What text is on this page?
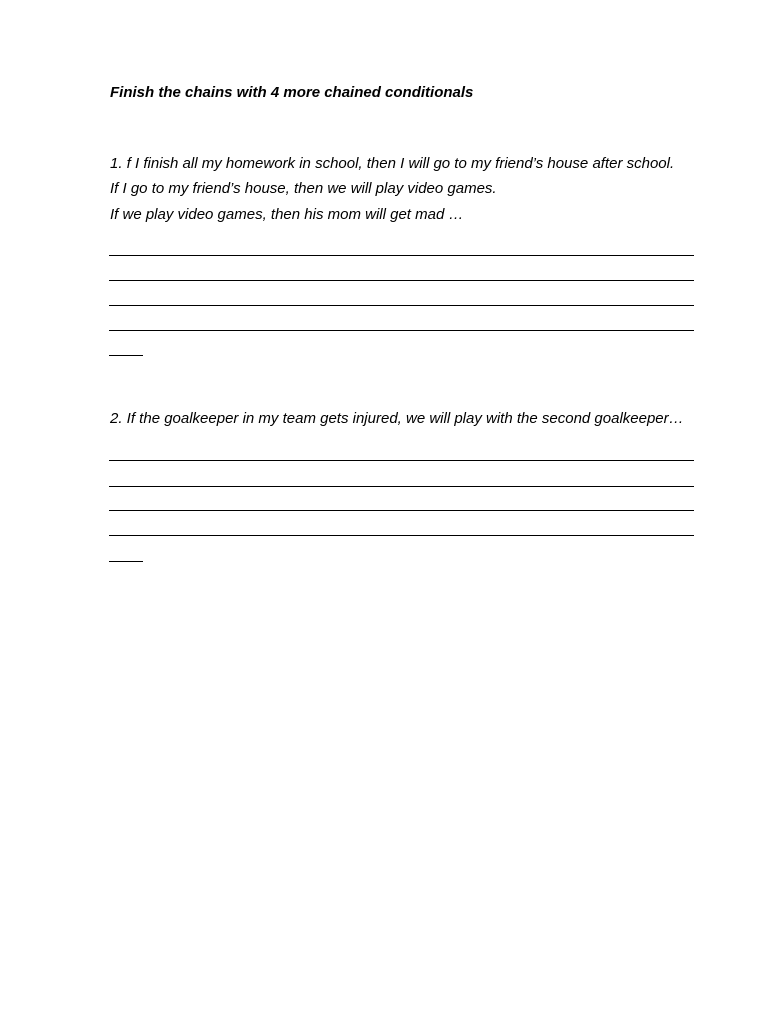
Finish the chains with 4 more chained conditionals
1. f I finish all my homework in school, then I will go to my friend’s house after school.
If I go to my friend’s house, then we will play video games.
If we play video games, then his mom will get mad …
2. If the goalkeeper in my team gets injured, we will play with the second goalkeeper…
